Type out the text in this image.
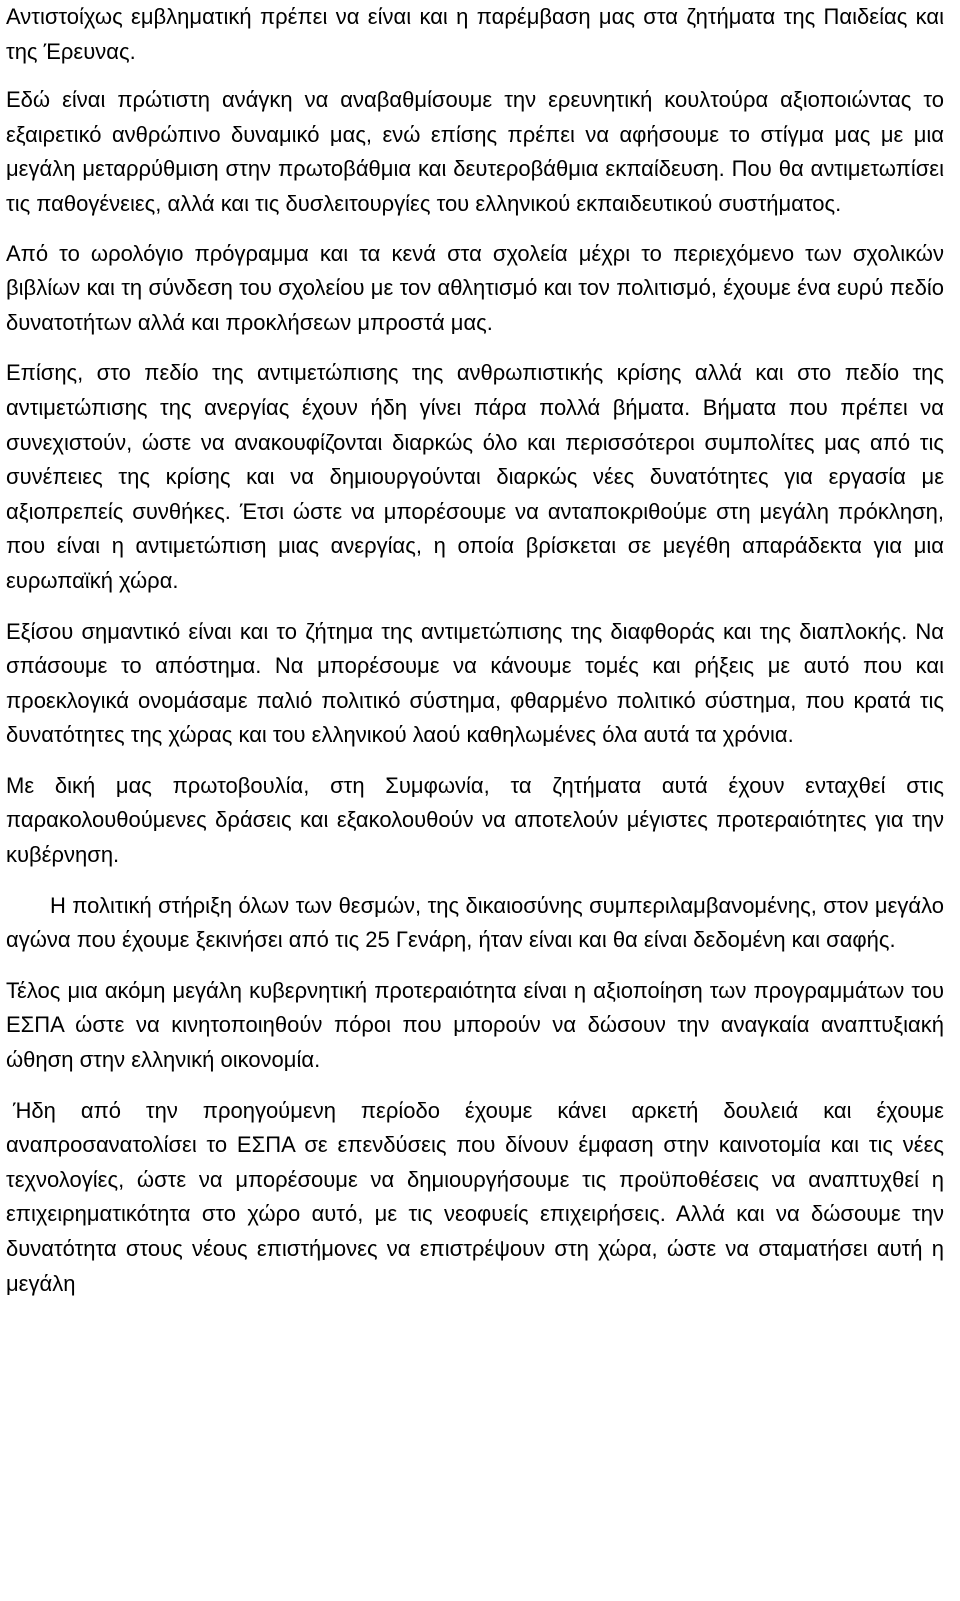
Αντιστοίχως εμβληματική πρέπει να είναι και η παρέμβαση μας στα ζητήματα της Παιδείας και της Έρευνας.

Εδώ είναι πρώτιστη ανάγκη να αναβαθμίσουμε την ερευνητική κουλτούρα αξιοποιώντας το εξαιρετικό ανθρώπινο δυναμικό μας, ενώ επίσης πρέπει να αφήσουμε το στίγμα μας με μια μεγάλη μεταρρύθμιση στην πρωτοβάθμια και δευτεροβάθμια εκπαίδευση. Που θα αντιμετωπίσει τις παθογένειες, αλλά και τις δυσλειτουργίες του ελληνικού εκπαιδευτικού συστήματος.

Από το ωρολόγιο πρόγραμμα και τα κενά στα σχολεία μέχρι το περιεχόμενο των σχολικών βιβλίων και τη σύνδεση του σχολείου με τον αθλητισμό και τον πολιτισμό, έχουμε ένα ευρύ πεδίο δυνατοτήτων αλλά και προκλήσεων μπροστά μας.

Επίσης, στο πεδίο της αντιμετώπισης της ανθρωπιστικής κρίσης αλλά και στο πεδίο της αντιμετώπισης της ανεργίας έχουν ήδη γίνει πάρα πολλά βήματα. Βήματα που πρέπει να συνεχιστούν, ώστε να ανακουφίζονται διαρκώς όλο και περισσότεροι συμπολίτες μας από τις συνέπειες της κρίσης και να δημιουργούνται διαρκώς νέες δυνατότητες για εργασία με αξιοπρεπείς συνθήκες. Έτσι ώστε να μπορέσουμε να ανταποκριθούμε στη μεγάλη πρόκληση, που είναι η αντιμετώπιση μιας ανεργίας, η οποία βρίσκεται σε μεγέθη απαράδεκτα για μια ευρωπαϊκή χώρα.

Εξίσου σημαντικό είναι και το ζήτημα της αντιμετώπισης της διαφθοράς και της διαπλοκής. Να σπάσουμε το απόστημα. Να μπορέσουμε να κάνουμε τομές και ρήξεις με αυτό που και προεκλογικά ονομάσαμε παλιό πολιτικό σύστημα, φθαρμένο πολιτικό σύστημα, που κρατά τις δυνατότητες της χώρας και του ελληνικού λαού καθηλωμένες όλα αυτά τα χρόνια.

Με δική μας πρωτοβουλία, στη Συμφωνία, τα ζητήματα αυτά έχουν ενταχθεί στις παρακολουθούμενες δράσεις και εξακολουθούν να αποτελούν μέγιστες προτεραιότητες για την κυβέρνηση.

Η πολιτική στήριξη όλων των θεσμών, της δικαιοσύνης συμπεριλαμβανομένης, στον μεγάλο αγώνα που έχουμε ξεκινήσει από τις 25 Γενάρη, ήταν είναι και θα είναι δεδομένη και σαφής.

Τέλος μια ακόμη μεγάλη κυβερνητική προτεραιότητα είναι η αξιοποίηση των προγραμμάτων του ΕΣΠΑ ώστε να κινητοποιηθούν πόροι που μπορούν να δώσουν την αναγκαία αναπτυξιακή ώθηση στην ελληνική οικονομία.

Ήδη από την προηγούμενη περίοδο έχουμε κάνει αρκετή δουλειά και έχουμε αναπροσανατολίσει το ΕΣΠΑ σε επενδύσεις που δίνουν έμφαση στην καινοτομία και τις νέες τεχνολογίες, ώστε να μπορέσουμε να δημιουργήσουμε τις προϋποθέσεις να αναπτυχθεί η επιχειρηματικότητα στο χώρο αυτό, με τις νεοφυείς επιχειρήσεις. Αλλά και να δώσουμε την δυνατότητα στους νέους επιστήμονες να επιστρέψουν στη χώρα, ώστε να σταματήσει αυτή η μεγάλη
